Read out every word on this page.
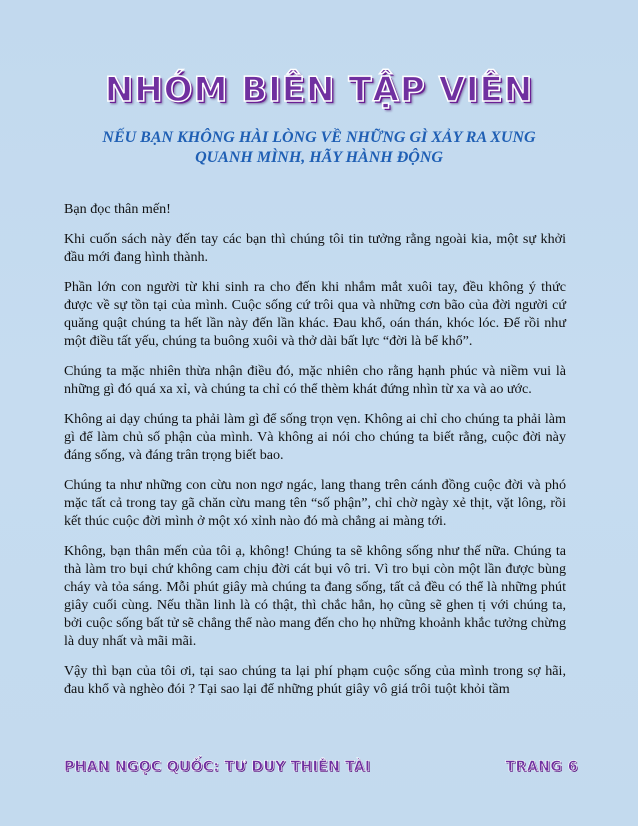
NHÓM BIÊN TẬP VIÊN
NẾU BẠN KHÔNG HÀI LÒNG VỀ NHỮNG GÌ XẢY RA XUNG QUANH MÌNH, HÃY HÀNH ĐỘNG

Bạn đọc thân mến!

Khi cuốn sách này đến tay các bạn thì chúng tôi tin tưởng rằng ngoài kia, một sự khởi đầu mới đang hình thành.

Phần lớn con người từ khi sinh ra cho đến khi nhắm mắt xuôi tay, đều không ý thức được về sự tồn tại của mình. Cuộc sống cứ trôi qua và những cơn bão của đời người cứ quăng quật chúng ta hết lần này đến lần khác. Đau khổ, oán thán, khóc lóc. Để rồi như một điều tất yếu, chúng ta buông xuôi và thở dài bất lực “đời là bể khổ”.

Chúng ta mặc nhiên thừa nhận điều đó, mặc nhiên cho rằng hạnh phúc và niềm vui là những gì đó quá xa xỉ, và chúng ta chỉ có thể thèm khát đứng nhìn từ xa và ao ước.

Không ai dạy chúng ta phải làm gì để sống trọn vẹn. Không ai chỉ cho chúng ta phải làm gì để làm chủ số phận của mình. Và không ai nói cho chúng ta biết rằng, cuộc đời này đáng sống, và đáng trân trọng biết bao.

Chúng ta như những con cừu non ngơ ngác, lang thang trên cánh đồng cuộc đời và phó mặc tất cả trong tay gã chăn cừu mang tên “số phận”, chỉ chờ ngày xẻ thịt, vặt lông, rồi kết thúc cuộc đời mình ở một xó xỉnh nào đó mà chẳng ai màng tới.

Không, bạn thân mến của tôi ạ, không! Chúng ta sẽ không sống như thế nữa. Chúng ta thà làm tro bụi chứ không cam chịu đời cát bụi vô tri. Vì tro bụi còn một lần được bùng cháy và tỏa sáng. Mỗi phút giây mà chúng ta đang sống, tất cả đều có thể là những phút giây cuối cùng. Nếu thần linh là có thật, thì chắc hẳn, họ cũng sẽ ghen tị với chúng ta, bởi cuộc sống bất tử sẽ chẳng thể nào mang đến cho họ những khoảnh khắc tưởng chừng là duy nhất và mãi mãi.

Vậy thì bạn của tôi ơi, tại sao chúng ta lại phí phạm cuộc sống của mình trong sợ hãi, đau khổ và nghèo đói ? Tại sao lại để những phút giây vô giá trôi tuột khỏi tầm

PHAN NGỌC QUỐC: TƯ DUY THIÊN TÀI	TRANG 6
